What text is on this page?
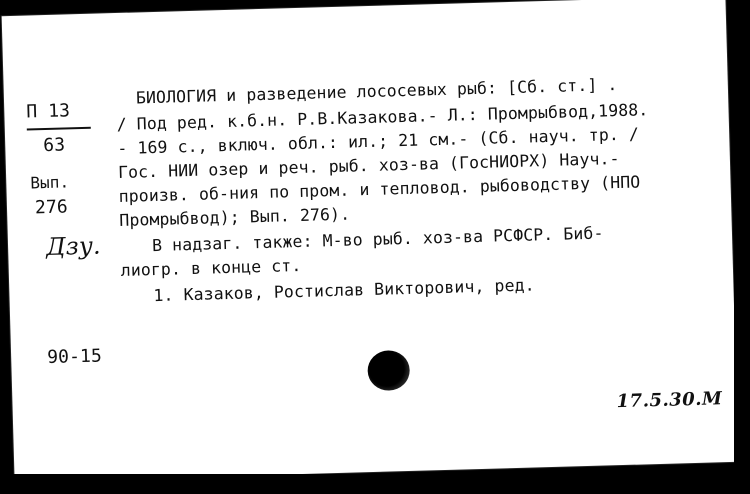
П 13
63
Вып.
276
Дзу.
90-15
БИОЛОГИЯ и разведение лососевых рыб: [Сб. ст.] .
/ Под ред. к.б.н. Р.В.Казакова.- Л.: Промрыбвод,1988.
- 169 с., включ. обл.: ил.; 21 см.- (Сб. науч. тр. /
Гос. НИИ озер и реч. рыб. хоз-ва (ГосНИОРХ) Науч.-
произв. об-ния по пром. и тепловод. рыбоводству (НПО
Промрыбвод); Вып. 276).
В надзаг. также: М-во рыб. хоз-ва РСФСР. Биб-
лиогр. в конце ст.
1. Казаков, Ростислав Викторович, ред.
17.5.30.М
